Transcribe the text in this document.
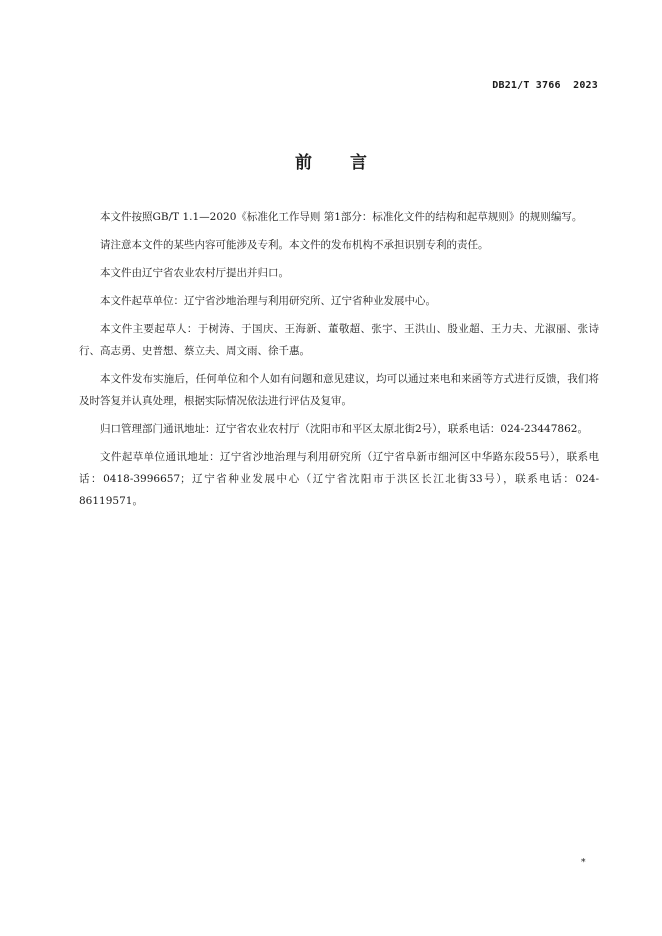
DB21/T 3766  2023
前 言

本文件按照GB/T 1.1—2020《标准化工作导则 第1部分：标准化文件的结构和起草规则》的规则编写。

请注意本文件的某些内容可能涉及专利。本文件的发布机构不承担识别专利的责任。

本文件由辽宁省农业农村厅提出并归口。

本文件起草单位：辽宁省沙地治理与利用研究所、辽宁省种业发展中心。

本文件主要起草人：于树涛、于国庆、王海新、董敬超、张宇、王洪山、殷业超、王力夫、尤淑丽、张诗行、高志勇、史普想、蔡立夫、周文雨、徐千惠。

本文件发布实施后，任何单位和个人如有问题和意见建议，均可以通过来电和来函等方式进行反馈，我们将及时答复并认真处理，根据实际情况依法进行评估及复审。

归口管理部门通讯地址：辽宁省农业农村厅（沈阳市和平区太原北街2号），联系电话：024-23447862。

文件起草单位通讯地址：辽宁省沙地治理与利用研究所（辽宁省阜新市细河区中华路东段55号），联系电话：0418-3996657；辽宁省种业发展中心（辽宁省沈阳市于洪区长江北街33号），联系电话：024-86119571。

*
